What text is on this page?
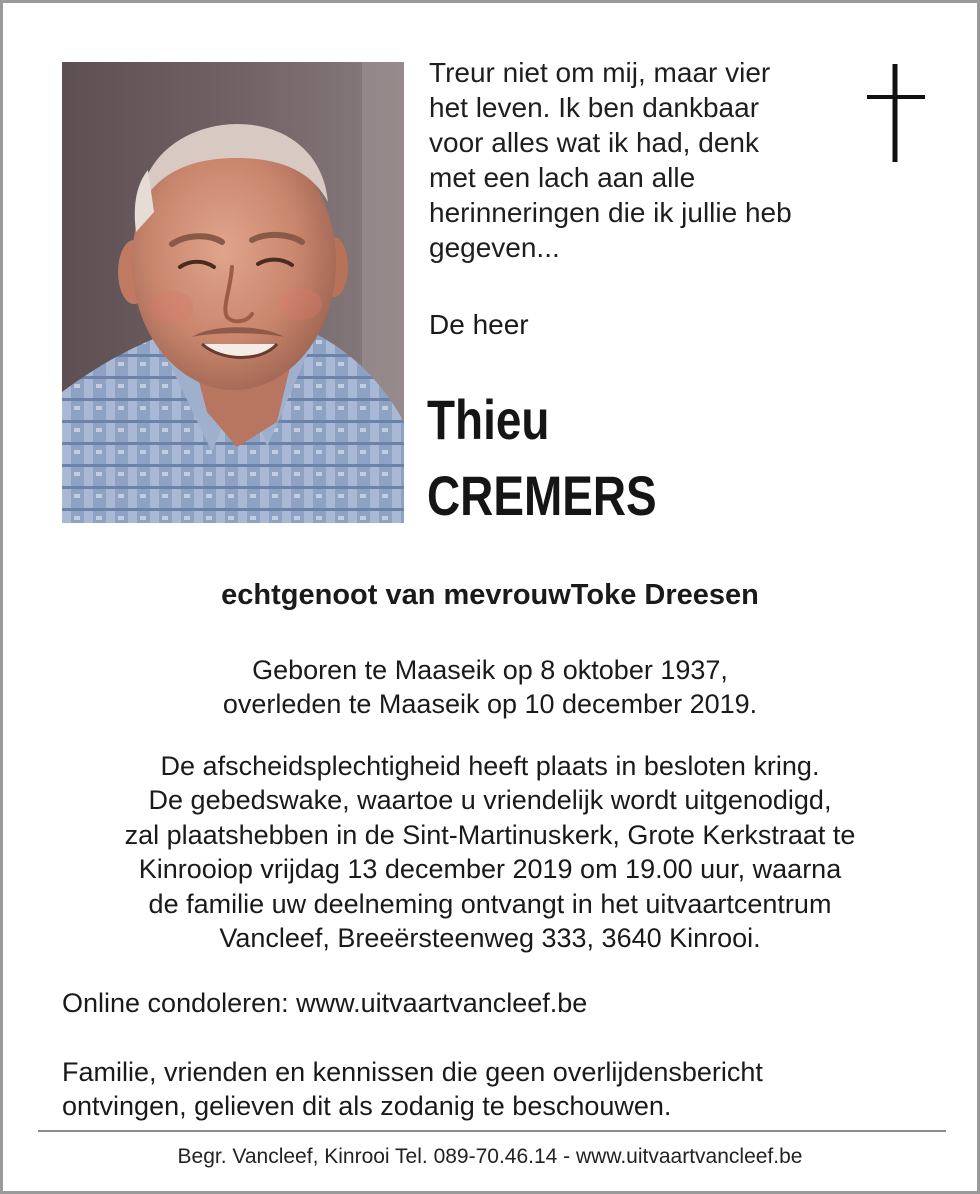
Treur niet om mij, maar vier
het leven. Ik ben dankbaar
voor alles wat ik had, denk
met een lach aan alle
herinneringen die ik jullie heb
gegeven...
De heer
Thieu
CREMERS
echtgenoot van mevrouwToke Dreesen
Geboren te Maaseik op 8 oktober 1937,
overleden te Maaseik op 10 december 2019.
De afscheidsplechtigheid heeft plaats in besloten kring.
De gebedswake, waartoe u vriendelijk wordt uitgenodigd,
zal plaatshebben in de Sint-Martinuskerk, Grote Kerkstraat te
Kinrooiop vrijdag 13 december 2019 om 19.00 uur, waarna
de familie uw deelneming ontvangt in het uitvaartcentrum
Vancleef, Breeërsteenweg 333, 3640 Kinrooi.
Online condoleren: www.uitvaartvancleef.be
Familie, vrienden en kennissen die geen overlijdensbericht
ontvingen, gelieven dit als zodanig te beschouwen.
Begr. Vancleef, Kinrooi Tel. 089-70.46.14 - www.uitvaartvancleef.be
